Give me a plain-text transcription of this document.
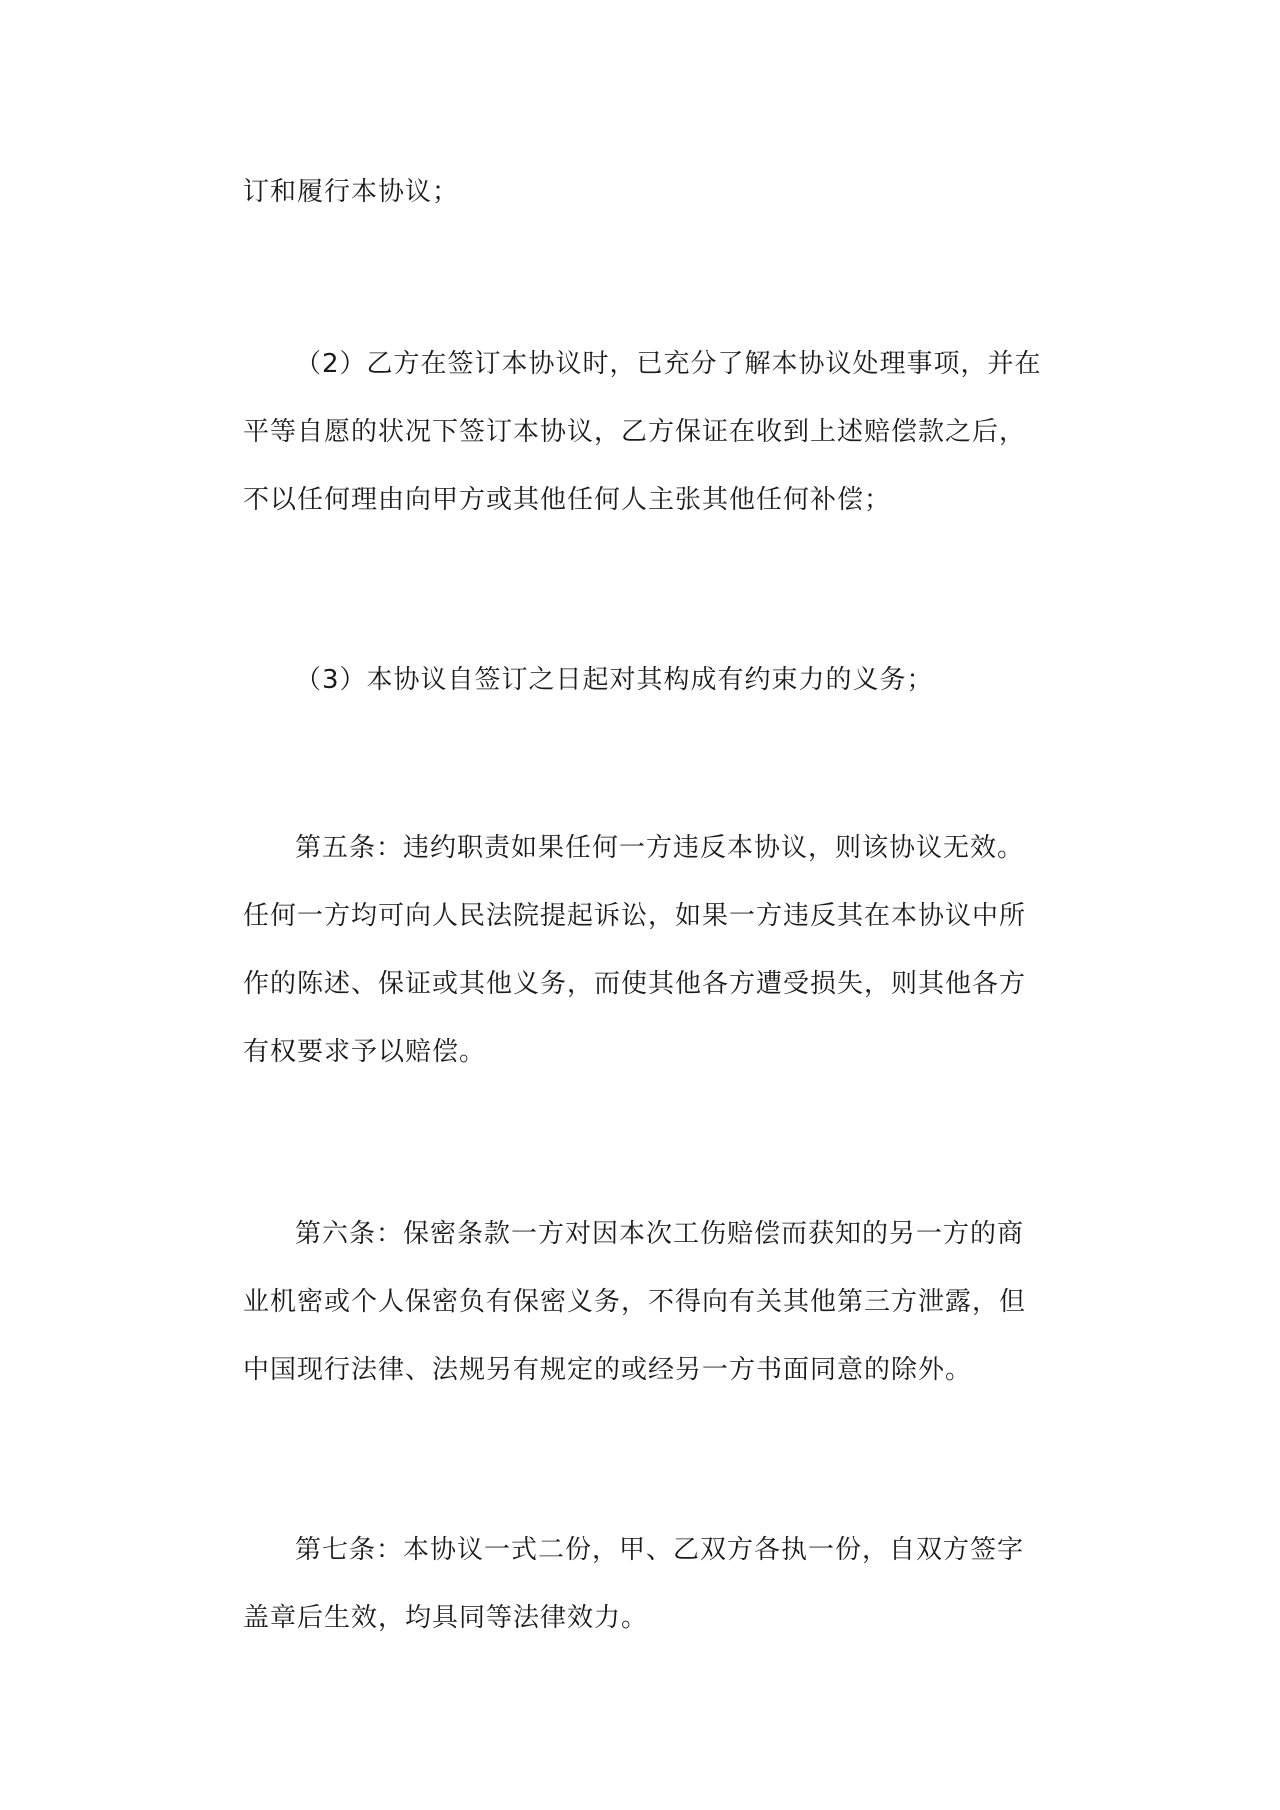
订和履行本协议；

（2）乙方在签订本协议时，已充分了解本协议处理事项，并在平等自愿的状况下签订本协议，乙方保证在收到上述赔偿款之后，不以任何理由向甲方或其他任何人主张其他任何补偿；

（3）本协议自签订之日起对其构成有约束力的义务；

第五条：违约职责如果任何一方违反本协议，则该协议无效。任何一方均可向人民法院提起诉讼，如果一方违反其在本协议中所作的陈述、保证或其他义务，而使其他各方遭受损失，则其他各方有权要求予以赔偿。

第六条：保密条款一方对因本次工伤赔偿而获知的另一方的商业机密或个人保密负有保密义务，不得向有关其他第三方泄露，但中国现行法律、法规另有规定的或经另一方书面同意的除外。

第七条：本协议一式二份，甲、乙双方各执一份，自双方签字盖章后生效，均具同等法律效力。
